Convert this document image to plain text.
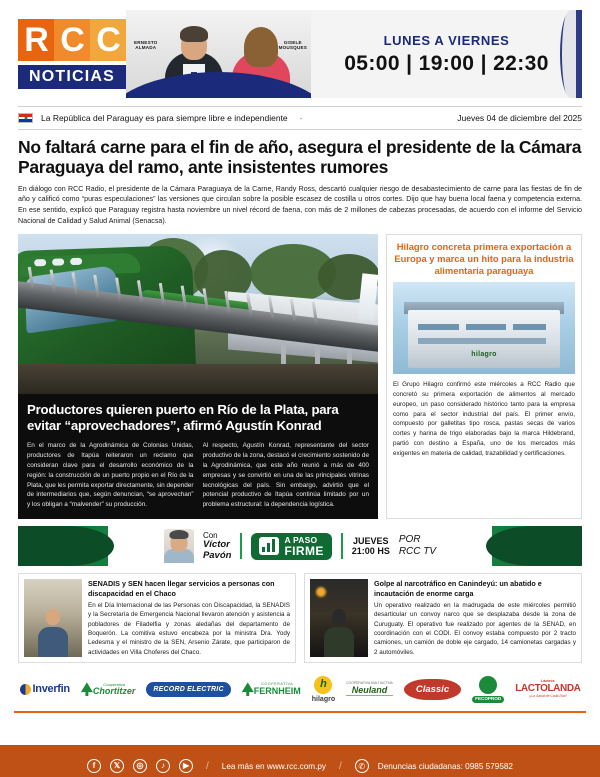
R C C
NOTICIAS
ERNESTO
ALMADA
GISELE
MOUSQUES
LUNES A VIERNES
05:00 | 19:00 | 22:30
La República del Paraguay es para siempre libre e independiente -	Jueves 04 de diciembre del 2025
No faltará carne para el fin de año, asegura el presidente de la Cámara Paraguaya del ramo, ante insistentes rumores

En diálogo con RCC Radio, el presidente de la Cámara Paraguaya de la Carne, Randy Ross, descartó cualquier riesgo de desabastecimiento de carne para las fiestas de fin de año y calificó como “puras especulaciones” las versiones que circulan sobre la posible escasez de costilla u otros cortes. Dijo que hay buena local faena y competencia externa. En ese sentido, explicó que Paraguay registra hasta noviembre un nivel récord de faena, con más de 2 millones de cabezas procesadas, de acuerdo con el informe del Servicio Nacional de Calidad y Salud Animal (Senacsa).

Productores quieren puerto en Río de la Plata, para evitar “aprovechadores”, afirmó Agustín Konrad

En el marco de la Agrodinámica de Colonias Unidas, productores de Itapúa reiteraron un reclamo que consideran clave para el desarrollo económico de la región: la construcción de un puerto propio en el Río de la Plata, que les permita exportar directamente, sin depender de intermediarios que, según denuncian, “se aprovechan” y los obligan a “malvender” su producción.

Al respecto, Agustín Konrad, representante del sector productivo de la zona, destacó el crecimiento sostenido de la Agrodinámica, que este año reunió a más de 400 empresas y se convirtió en una de las principales vitrinas tecnológicas del país. Sin embargo, advirtió que el potencial productivo de Itapúa continúa limitado por un problema estructural: la dependencia logística.

Hilagro concreta primera exportación a Europa y marca un hito para la industria alimentaria paraguaya
hilagro
El Grupo Hilagro confirmó este miércoles a RCC Radio que concretó su primera exportación de alimentos al mercado europeo, un paso considerado histórico tanto para la empresa como para el sector industrial del país. El primer envío, compuesto por galletitas tipo rosca, pastas secas de varios cortes y harina de trigo elaboradas bajo la marca Hildebrand, partió con destino a España, uno de los mercados más exigentes en materia de calidad, trazabilidad y certificaciones.
Con
Víctor
Pavón
A PASO
FIRME
JUEVES
21:00 HS
POR
RCC TV
SENADIS y SEN hacen llegar servicios a personas con discapacidad en el Chaco
En el Día Internacional de las Personas con Discapacidad, la SENADIS y la Secretaría de Emergencia Nacional llevaron atención y asistencia a pobladores de Filadelfia y zonas aledañas del departamento de Boquerón. La comitiva estuvo encabeza por la ministra Dra. Yody Ledesma y el ministro de la SEN, Arsenio Zárate, que participaron de actividades en Villa Choferes del Chaco.
Golpe al narcotráfico en Canindeyú: un abatido e incautación de enorme carga
Un operativo realizado en la madrugada de este miércoles permitió desarticular un convoy narco que se desplazaba desde la zona de Curuguaty. El operativo fue realizado por agentes de la SENAD, en coordinación con el CODI. El convoy estaba compuesto por 2 tracto camiones, un camión de doble eje cargado, 14 camionetas cargadas y 2 automóviles.
Inverfin	Cooperativa
Chortitzer	RECORD ELECTRIC
COOPERATIVA
FERNHEIM
h
hilagro
COOPERATIVA MULTIACTIVA
Neuland	Classic
FECOPROD
Lácteos
LACTOLANDA
¡¡La Salud de Cada Día!!
f	𝕏	◎	♪	▶	/ Lea más en www.rcc.com.py /	✆	Denuncias ciudadanas: 0985 579582
